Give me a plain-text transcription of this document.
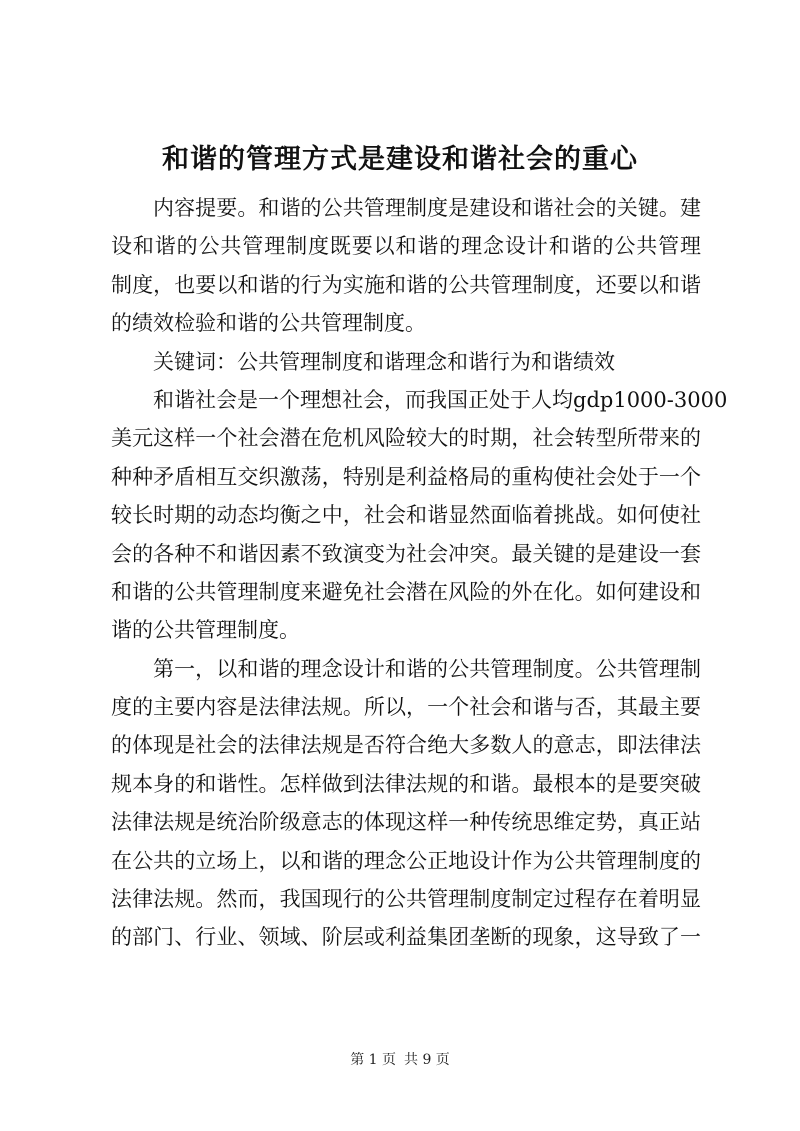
和谐的管理方式是建设和谐社会的重心
内容提要。和谐的公共管理制度是建设和谐社会的关键。建
设和谐的公共管理制度既要以和谐的理念设计和谐的公共管理
制度，也要以和谐的行为实施和谐的公共管理制度，还要以和谐
的绩效检验和谐的公共管理制度。
关键词：公共管理制度和谐理念和谐行为和谐绩效
和谐社会是一个理想社会，而我国正处于人均gdp1000-3000
美元这样一个社会潜在危机风险较大的时期，社会转型所带来的
种种矛盾相互交织激荡，特别是利益格局的重构使社会处于一个
较长时期的动态均衡之中，社会和谐显然面临着挑战。如何使社
会的各种不和谐因素不致演变为社会冲突。最关键的是建设一套
和谐的公共管理制度来避免社会潜在风险的外在化。如何建设和
谐的公共管理制度。
第一，以和谐的理念设计和谐的公共管理制度。公共管理制
度的主要内容是法律法规。所以，一个社会和谐与否，其最主要
的体现是社会的法律法规是否符合绝大多数人的意志，即法律法
规本身的和谐性。怎样做到法律法规的和谐。最根本的是要突破
法律法规是统治阶级意志的体现这样一种传统思维定势，真正站
在公共的立场上，以和谐的理念公正地设计作为公共管理制度的
法律法规。然而，我国现行的公共管理制度制定过程存在着明显
的部门、行业、领域、阶层或利益集团垄断的现象，这导致了一
第 1 页 共 9 页
